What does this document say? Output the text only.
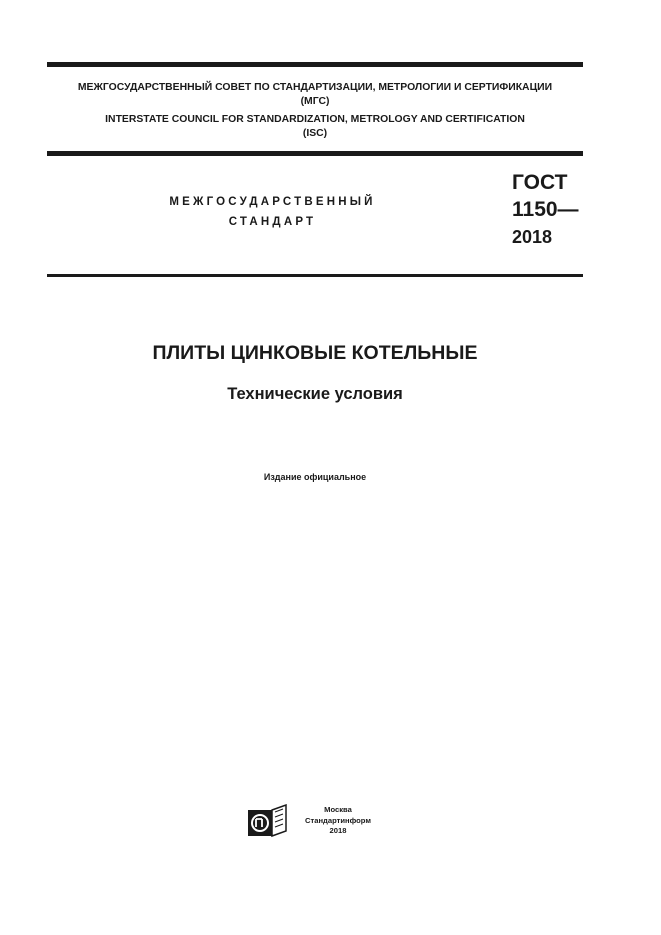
МЕЖГОСУДАРСТВЕННЫЙ СОВЕТ ПО СТАНДАРТИЗАЦИИ, МЕТРОЛОГИИ И СЕРТИФИКАЦИИ
(МГС)
INTERSTATE COUNCIL FOR STANDARDIZATION, METROLOGY AND CERTIFICATION
(ISC)
МЕЖГОСУДАРСТВЕННЫЙ
СТАНДАРТ
ГОСТ
1150—
2018
ПЛИТЫ ЦИНКОВЫЕ КОТЕЛЬНЫЕ
Технические условия
Издание официальное
Москва
Стандартинформ
2018
